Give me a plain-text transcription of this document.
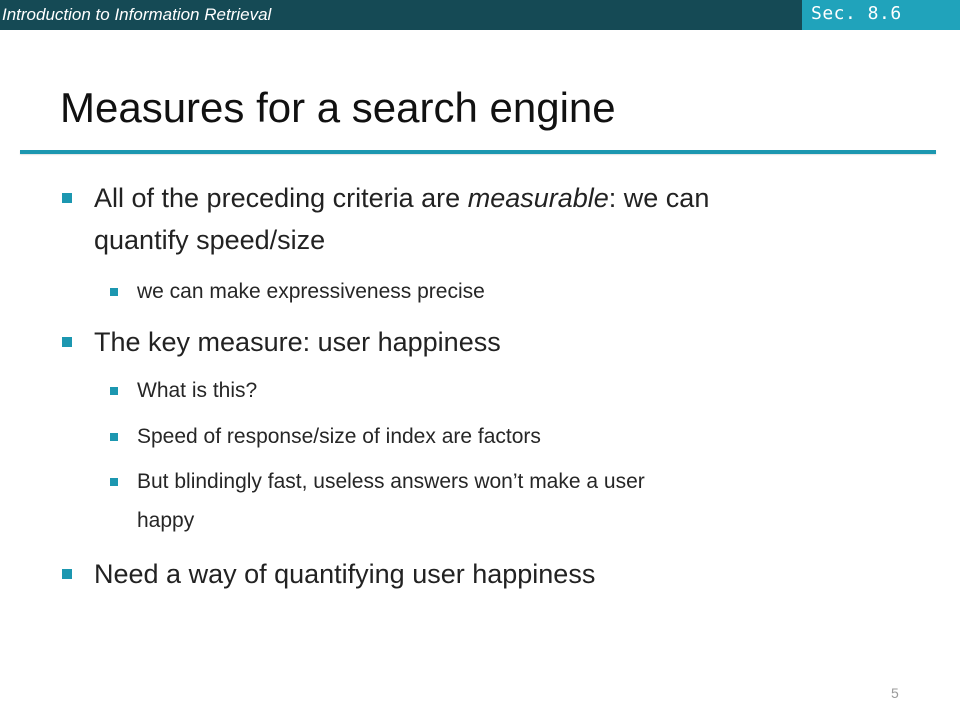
Introduction to Information Retrieval	Sec. 8.6
Measures for a search engine
All of the preceding criteria are measurable: we can
quantify speed/size
we can make expressiveness precise
The key measure: user happiness
What is this?
Speed of response/size of index are factors
But blindingly fast, useless answers won’t make a user
happy
Need a way of quantifying user happiness
5
